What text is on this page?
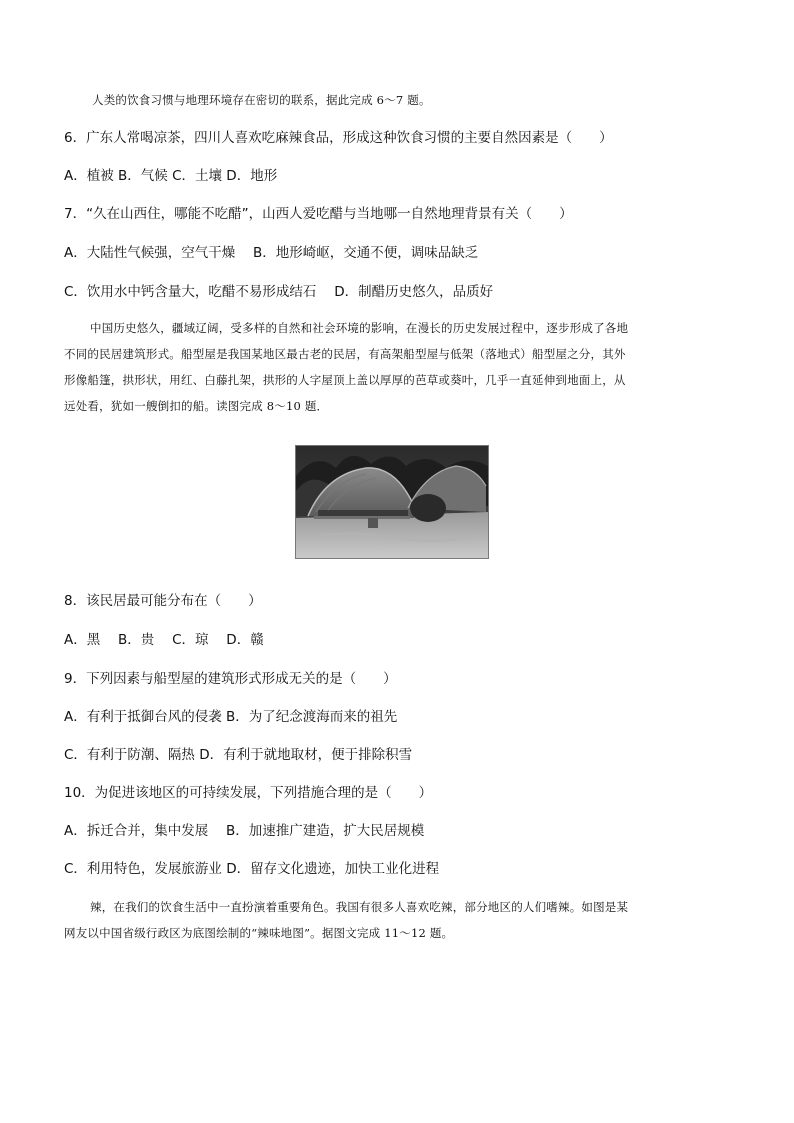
人类的饮食习惯与地理环境存在密切的联系，据此完成 6～7 题。
6．广东人常喝凉茶，四川人喜欢吃麻辣食品，形成这种饮食习惯的主要自然因素是（　　）
A．植被 B．气候 C．土壤 D．地形
7．“久在山西住，哪能不吃醋”，山西人爱吃醋与当地哪一自然地理背景有关（　　）
A．大陆性气候强，空气干燥　 B．地形崎岖，交通不便，调味品缺乏
C．饮用水中钙含量大，吃醋不易形成结石　 D．制醋历史悠久，品质好
中国历史悠久，疆域辽阔，受多样的自然和社会环境的影响，在漫长的历史发展过程中，逐步形成了各地
不同的民居建筑形式。船型屋是我国某地区最古老的民居，有高架船型屋与低架（落地式）船型屋之分，其外
形像船篷，拱形状，用红、白藤扎架，拱形的人字屋顶上盖以厚厚的芭草或葵叶，几乎一直延伸到地面上，从
远处看，犹如一艘倒扣的船。读图完成 8～10 题．
8．该民居最可能分布在（　　）
A．黑　 B．贵　 C．琼　 D．赣
9．下列因素与船型屋的建筑形式形成无关的是（　　）
A．有利于抵御台风的侵袭 B．为了纪念渡海而来的祖先
C．有利于防潮、隔热 D．有利于就地取材，便于排除积雪
10．为促进该地区的可持续发展，下列措施合理的是（　　）
A．拆迁合并，集中发展　 B．加速推广建造，扩大民居规模
C．利用特色，发展旅游业 D．留存文化遗迹，加快工业化进程
辣，在我们的饮食生活中一直扮演着重要角色。我国有很多人喜欢吃辣，部分地区的人们嗜辣。如图是某
网友以中国省级行政区为底图绘制的“辣味地图”。据图文完成 11～12 题。
